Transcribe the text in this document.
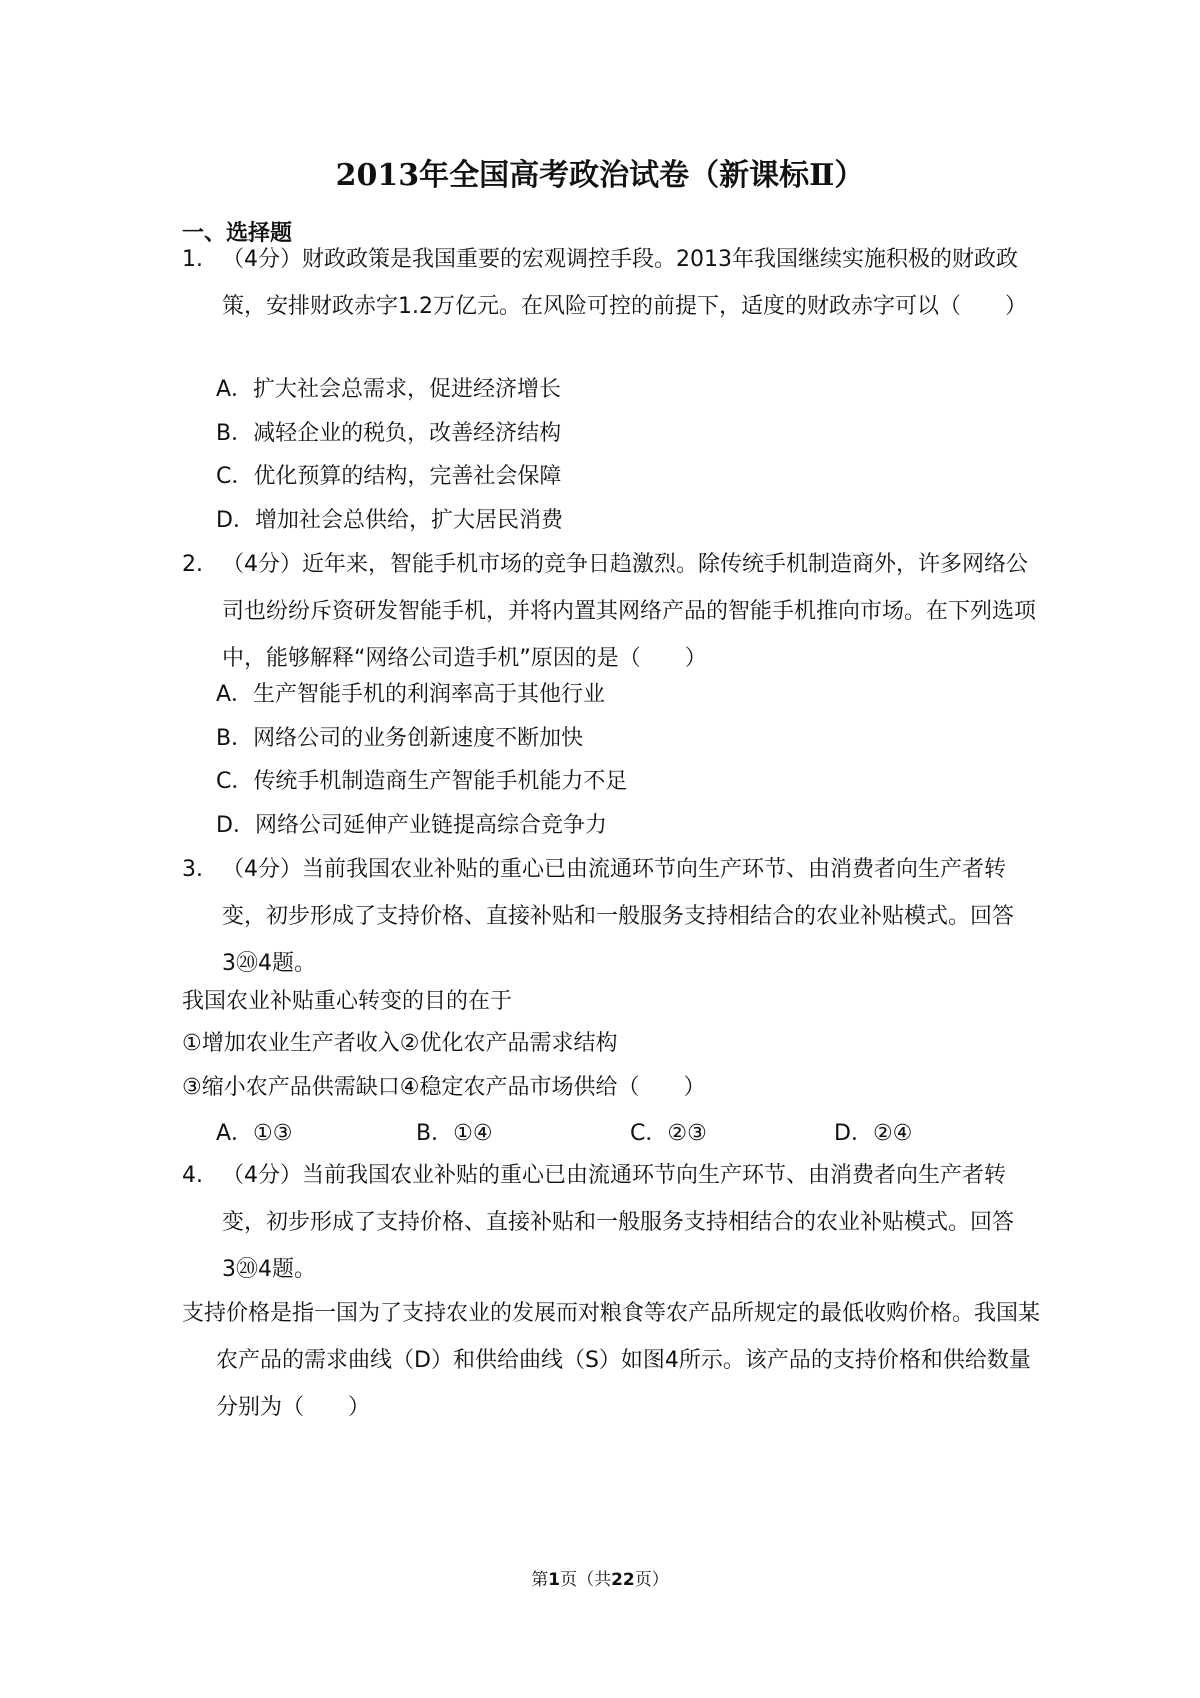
2013年全国高考政治试卷（新课标Ⅱ）
一、选择题
1. （4分）财政政策是我国重要的宏观调控手段。2013年我国继续实施积极的财政政策，安排财政赤字1.2万亿元。在风险可控的前提下，适度的财政赤字可以（　　）
A．扩大社会总需求，促进经济增长
B．减轻企业的税负，改善经济结构
C．优化预算的结构，完善社会保障
D．增加社会总供给，扩大居民消费
2. （4分）近年来，智能手机市场的竞争日趋激烈。除传统手机制造商外，许多网络公司也纷纷斥资研发智能手机，并将内置其网络产品的智能手机推向市场。在下列选项中，能够解释“网络公司造手机”原因的是（　　）
A．生产智能手机的利润率高于其他行业
B．网络公司的业务创新速度不断加快
C．传统手机制造商生产智能手机能力不足
D．网络公司延伸产业链提高综合竞争力
3. （4分）当前我国农业补贴的重心已由流通环节向生产环节、由消费者向生产者转变，初步形成了支持价格、直接补贴和一般服务支持相结合的农业补贴模式。回答3⑳4题。
我国农业补贴重心转变的目的在于
①增加农业生产者收入②优化农产品需求结构
③缩小农产品供需缺口④稳定农产品市场供给（　　）
A．①③	B．①④	C．②③	D．②④
4. （4分）当前我国农业补贴的重心已由流通环节向生产环节、由消费者向生产者转变，初步形成了支持价格、直接补贴和一般服务支持相结合的农业补贴模式。回答3⑳4题。
支持价格是指一国为了支持农业的发展而对粮食等农产品所规定的最低收购价格。我国某农产品的需求曲线（D）和供给曲线（S）如图4所示。该产品的支持价格和供给数量分别为（　　）
第1页（共22页）
